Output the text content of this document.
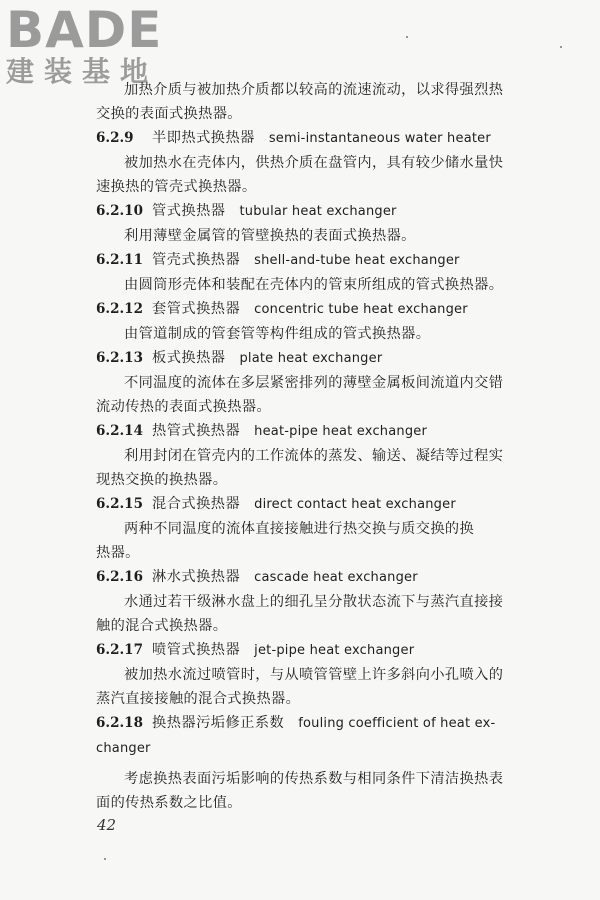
BADE
建装基地

加热介质与被加热介质都以较高的流速流动，以求得强烈热

交换的表面式换热器。

6.2.9 半即热式换热器 semi-instantaneous water heater

被加热水在壳体内，供热介质在盘管内，具有较少储水量快

速换热的管壳式换热器。

6.2.10 管式换热器 tubular heat exchanger

利用薄壁金属管的管壁换热的表面式换热器。

6.2.11 管壳式换热器 shell-and-tube heat exchanger

由圆筒形壳体和装配在壳体内的管束所组成的管式换热器。

6.2.12 套管式换热器 concentric tube heat exchanger

由管道制成的管套管等构件组成的管式换热器。

6.2.13 板式换热器 plate heat exchanger

不同温度的流体在多层紧密排列的薄壁金属板间流道内交错

流动传热的表面式换热器。

6.2.14 热管式换热器 heat-pipe heat exchanger

利用封闭在管壳内的工作流体的蒸发、输送、凝结等过程实

现热交换的换热器。

6.2.15 混合式换热器 direct contact heat exchanger

两种不同温度的流体直接接触进行热交换与质交换的换

热器。

6.2.16 淋水式换热器 cascade heat exchanger

水通过若干级淋水盘上的细孔呈分散状态流下与蒸汽直接接

触的混合式换热器。

6.2.17 喷管式换热器 jet-pipe heat exchanger

被加热水流过喷管时，与从喷管管壁上许多斜向小孔喷入的

蒸汽直接接触的混合式换热器。

6.2.18 换热器污垢修正系数 fouling coefficient of heat ex-

changer

考虑换热表面污垢影响的传热系数与相同条件下清洁换热表

面的传热系数之比值。

42
